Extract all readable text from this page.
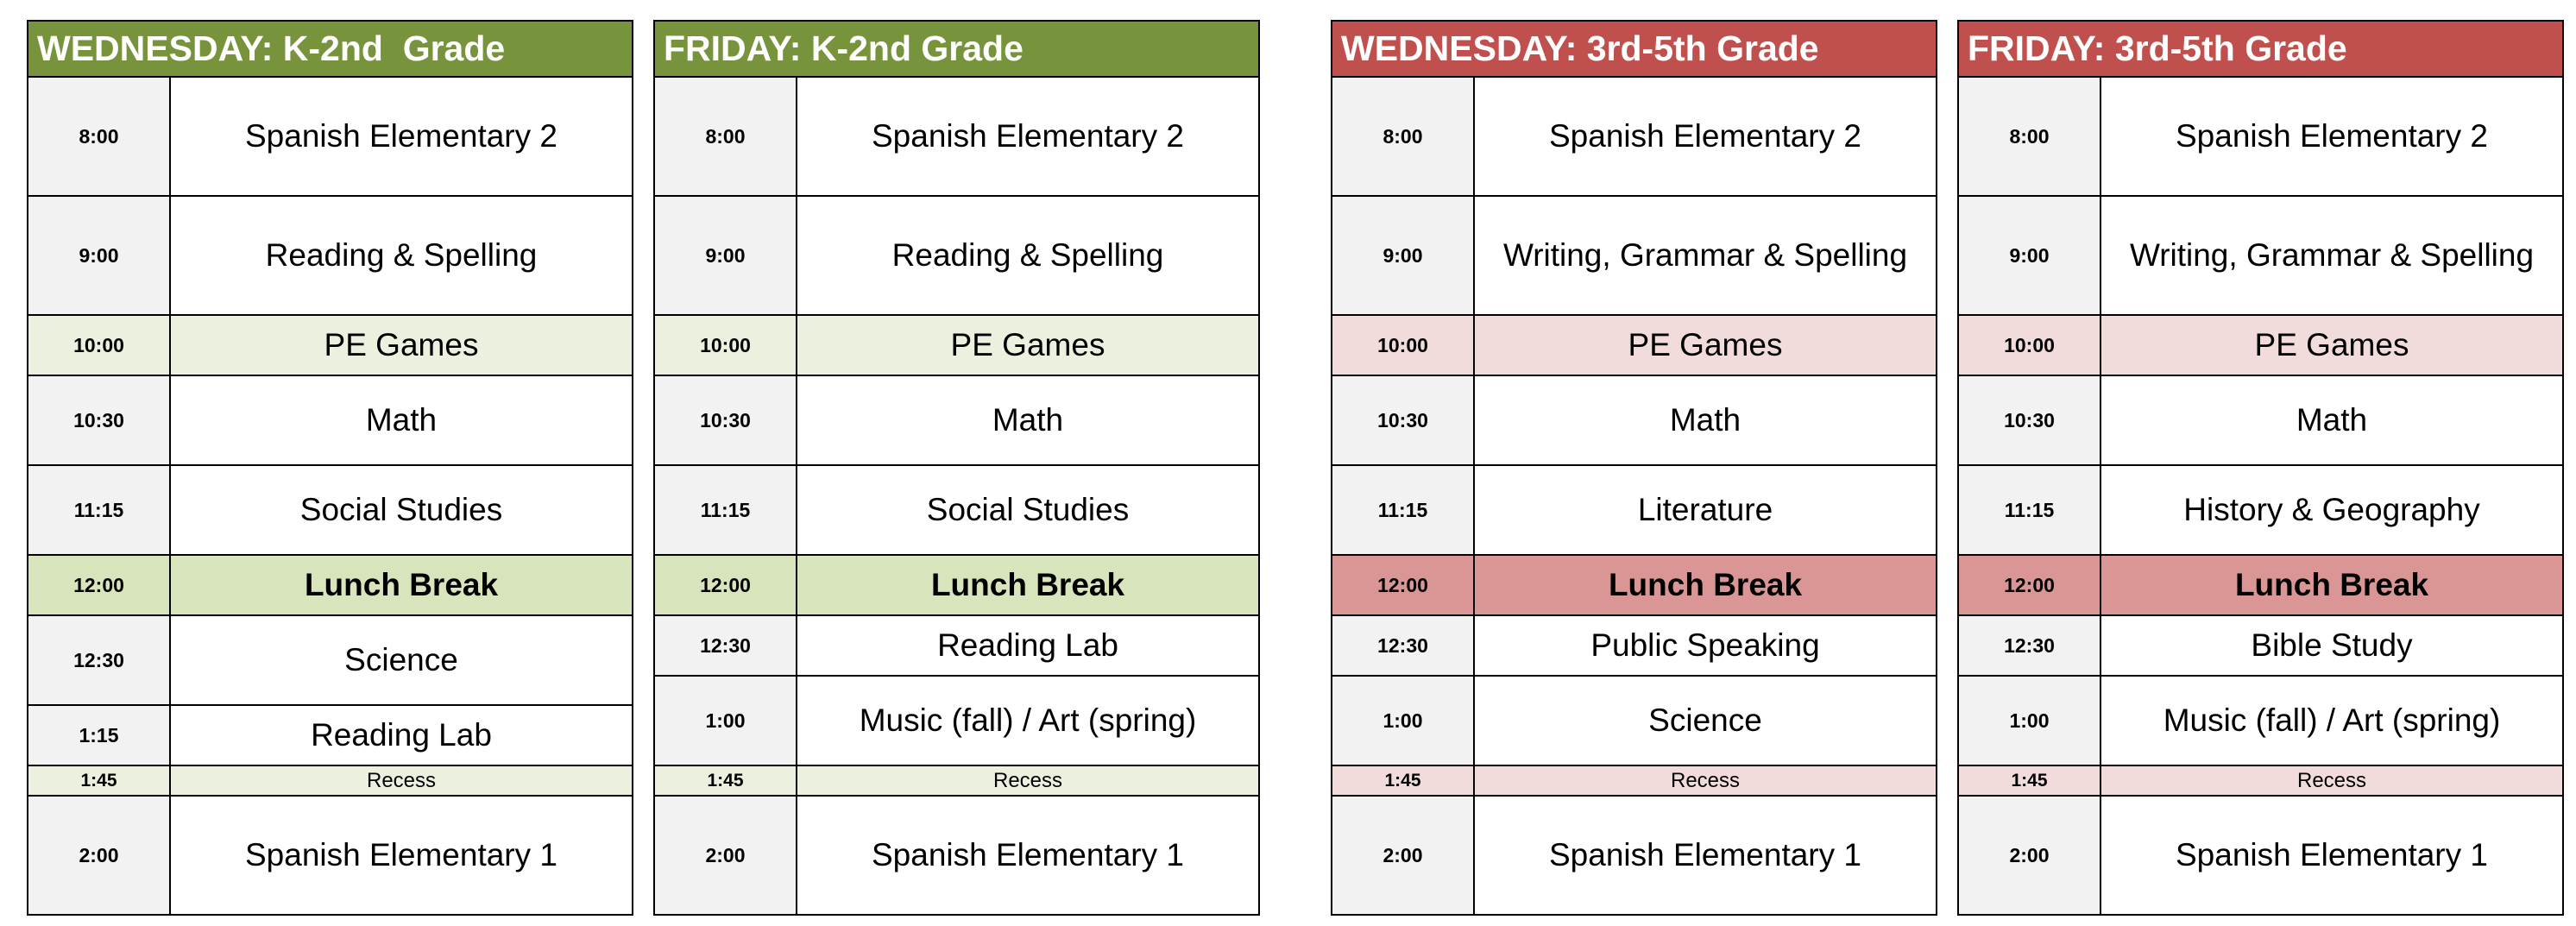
WEDNESDAY: K-2nd  Grade
8:00	Spanish Elementary 2
9:00	Reading & Spelling
10:00	PE Games
10:30	Math
11:15	Social Studies
12:00	Lunch Break
12:30	Science
1:15	Reading Lab
1:45	Recess
2:00	Spanish Elementary 1
FRIDAY: K-2nd Grade
8:00	Spanish Elementary 2
9:00	Reading & Spelling
10:00	PE Games
10:30	Math
11:15	Social Studies
12:00	Lunch Break
12:30	Reading Lab
1:00	Music (fall) / Art (spring)
1:45	Recess
2:00	Spanish Elementary 1
WEDNESDAY: 3rd-5th Grade
8:00	Spanish Elementary 2
9:00	Writing, Grammar & Spelling
10:00	PE Games
10:30	Math
11:15	Literature
12:00	Lunch Break
12:30	Public Speaking
1:00	Science
1:45	Recess
2:00	Spanish Elementary 1
FRIDAY: 3rd-5th Grade
8:00	Spanish Elementary 2
9:00	Writing, Grammar & Spelling
10:00	PE Games
10:30	Math
11:15	History & Geography
12:00	Lunch Break
12:30	Bible Study
1:00	Music (fall) / Art (spring)
1:45	Recess
2:00	Spanish Elementary 1
